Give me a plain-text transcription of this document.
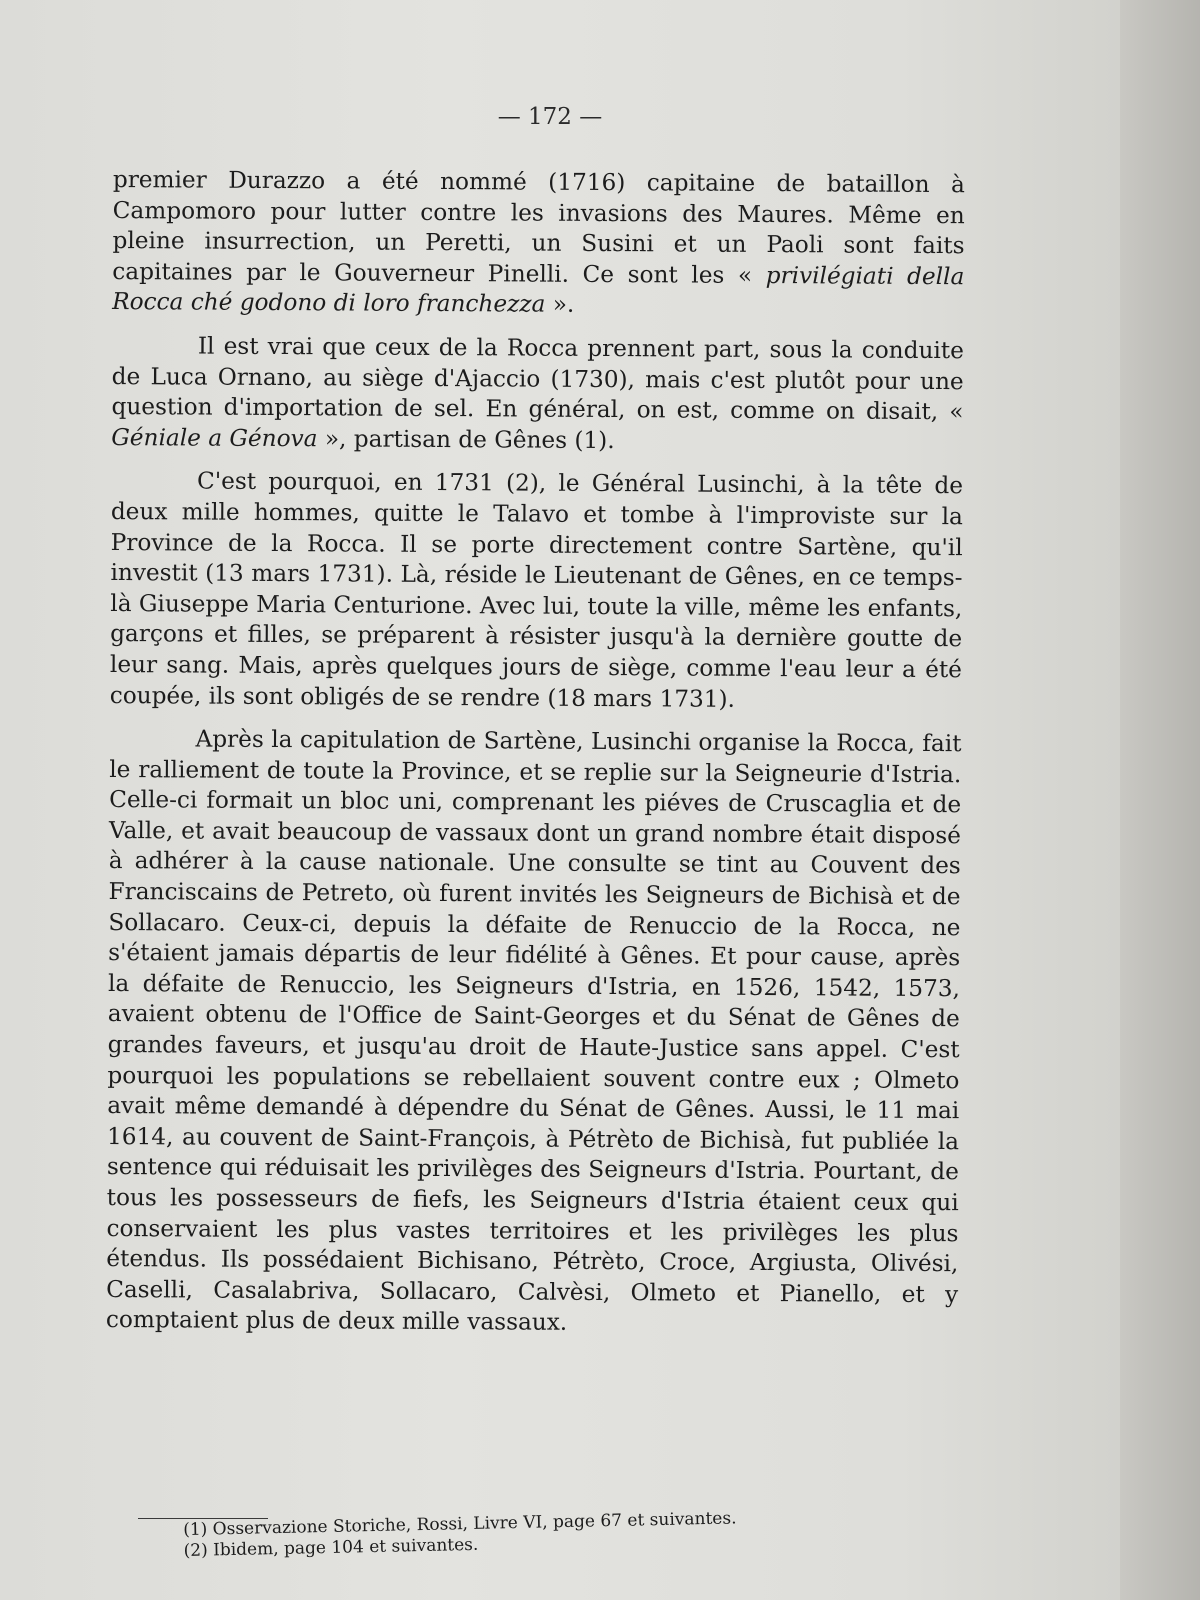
— 172 —

premier Durazzo a été nommé (1716) capitaine de bataillon à Campomoro pour lutter contre les invasions des Maures. Même en pleine insurrection, un Peretti, un Susini et un Paoli sont faits capitaines par le Gouverneur Pinelli. Ce sont les « privilégiati della Rocca ché godono di loro franchezza ».

Il est vrai que ceux de la Rocca prennent part, sous la conduite de Luca Ornano, au siège d'Ajaccio (1730), mais c'est plutôt pour une question d'importation de sel. En général, on est, comme on disait, « Géniale a Génova », partisan de Gênes (1).

C'est pourquoi, en 1731 (2), le Général Lusinchi, à la tête de deux mille hommes, quitte le Talavo et tombe à l'improviste sur la Province de la Rocca. Il se porte directement contre Sartène, qu'il investit (13 mars 1731). Là, réside le Lieutenant de Gênes, en ce temps-là Giuseppe Maria Centurione. Avec lui, toute la ville, même les enfants, garçons et filles, se préparent à résister jusqu'à la dernière goutte de leur sang. Mais, après quelques jours de siège, comme l'eau leur a été coupée, ils sont obligés de se rendre (18 mars 1731).

Après la capitulation de Sartène, Lusinchi organise la Rocca, fait le ralliement de toute la Province, et se replie sur la Seigneurie d'Istria. Celle-ci formait un bloc uni, comprenant les piéves de Cruscaglia et de Valle, et avait beaucoup de vassaux dont un grand nombre était disposé à adhérer à la cause nationale. Une consulte se tint au Couvent des Franciscains de Petreto, où furent invités les Seigneurs de Bichisà et de Sollacaro. Ceux-ci, depuis la défaite de Renuccio de la Rocca, ne s'étaient jamais départis de leur fidélité à Gênes. Et pour cause, après la défaite de Renuccio, les Seigneurs d'Istria, en 1526, 1542, 1573, avaient obtenu de l'Office de Saint-Georges et du Sénat de Gênes de grandes faveurs, et jusqu'au droit de Haute-Justice sans appel. C'est pourquoi les populations se rebellaient souvent contre eux ; Olmeto avait même demandé à dépendre du Sénat de Gênes. Aussi, le 11 mai 1614, au couvent de Saint-François, à Pétrèto de Bichisà, fut publiée la sentence qui réduisait les privilèges des Seigneurs d'Istria. Pourtant, de tous les possesseurs de fiefs, les Seigneurs d'Istria étaient ceux qui conservaient les plus vastes territoires et les privilèges les plus étendus. Ils possédaient Bichisano, Pétrèto, Croce, Argiusta, Olivési, Caselli, Casalabriva, Sollacaro, Calvèsi, Olmeto et Pianello, et y comptaient plus de deux mille vassaux.

(1) Osservazione Storiche, Rossi, Livre VI, page 67 et suivantes.

(2) Ibidem, page 104 et suivantes.
